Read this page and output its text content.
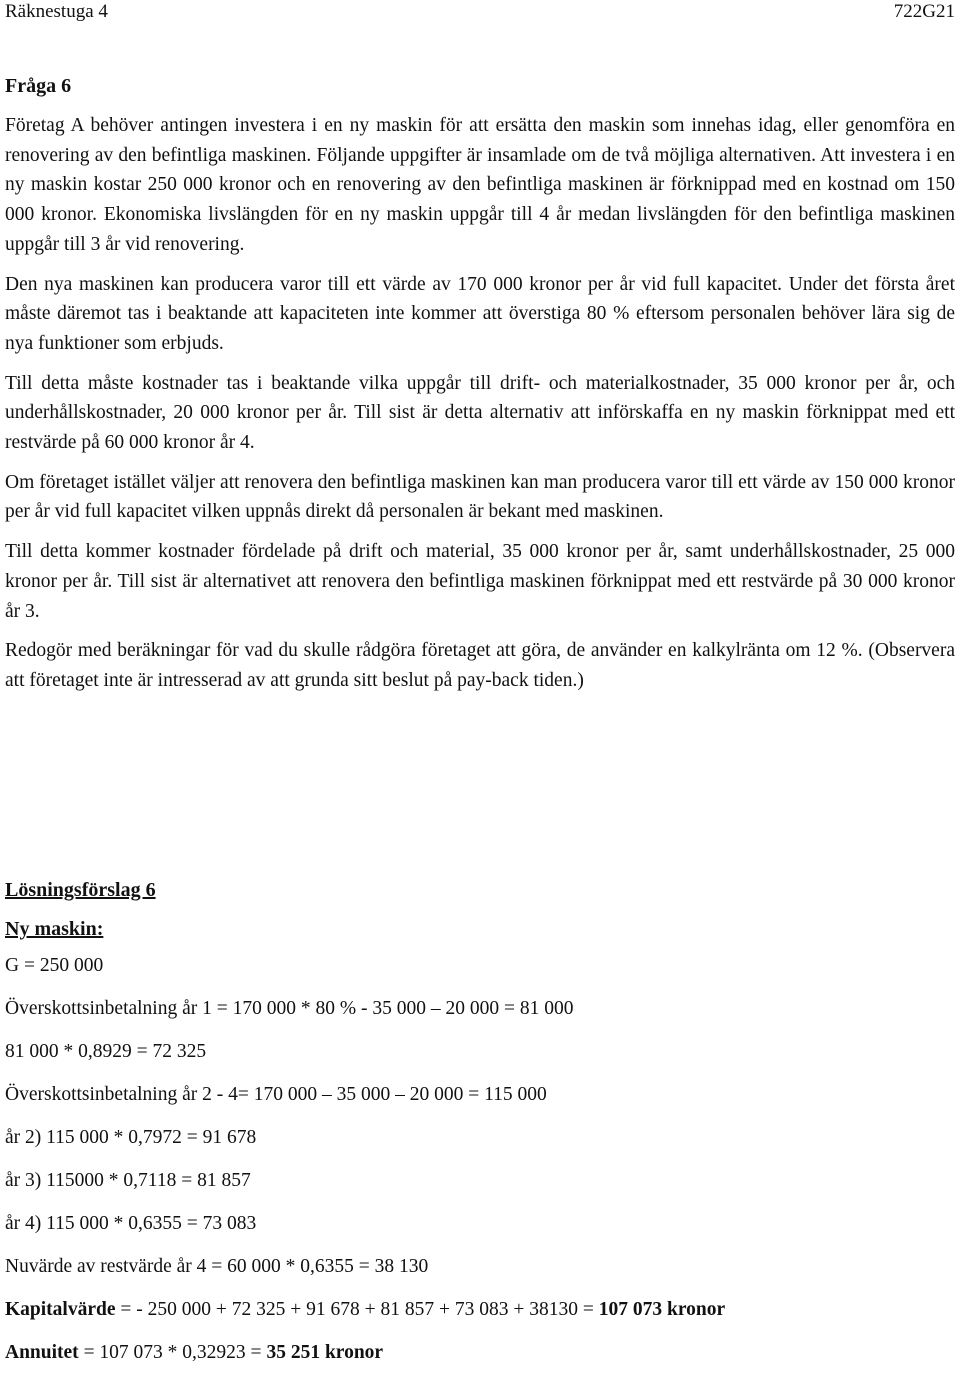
Räknestuga 4	722G21
Fråga 6

Företag A behöver antingen investera i en ny maskin för att ersätta den maskin som innehas idag, eller genomföra en renovering av den befintliga maskinen. Följande uppgifter är insamlade om de två möjliga alternativen. Att investera i en ny maskin kostar 250 000 kronor och en renovering av den befintliga maskinen är förknippad med en kostnad om 150 000 kronor. Ekonomiska livslängden för en ny maskin uppgår till 4 år medan livslängden för den befintliga maskinen uppgår till 3 år vid renovering.

Den nya maskinen kan producera varor till ett värde av 170 000 kronor per år vid full kapacitet. Under det första året måste däremot tas i beaktande att kapaciteten inte kommer att överstiga 80 % eftersom personalen behöver lära sig de nya funktioner som erbjuds.

Till detta måste kostnader tas i beaktande vilka uppgår till drift- och materialkostnader, 35 000 kronor per år, och underhållskostnader, 20 000 kronor per år. Till sist är detta alternativ att införskaffa en ny maskin förknippat med ett restvärde på 60 000 kronor år 4.

Om företaget istället väljer att renovera den befintliga maskinen kan man producera varor till ett värde av 150 000 kronor per år vid full kapacitet vilken uppnås direkt då personalen är bekant med maskinen.

Till detta kommer kostnader fördelade på drift och material, 35 000 kronor per år, samt underhållskostnader, 25 000 kronor per år. Till sist är alternativet att renovera den befintliga maskinen förknippat med ett restvärde på 30 000 kronor år 3.

Redogör med beräkningar för vad du skulle rådgöra företaget att göra, de använder en kalkylränta om 12 %. (Observera att företaget inte är intresserad av att grunda sitt beslut på pay-back tiden.)

Lösningsförslag 6

Ny maskin:

G = 250 000

Överskottsinbetalning år 1 = 170 000 * 80 % - 35 000 – 20 000 = 81 000

81 000 * 0,8929 = 72 325

Överskottsinbetalning år 2 - 4= 170 000 – 35 000 – 20 000 = 115 000

år 2) 115 000 * 0,7972 = 91 678

år 3) 115000 * 0,7118 = 81 857

år 4) 115 000 * 0,6355 = 73 083

Nuvärde av restvärde år 4 = 60 000 * 0,6355 = 38 130

Kapitalvärde = - 250 000 + 72 325 + 91 678 + 81 857 + 73 083 + 38130 = 107 073 kronor

Annuitet = 107 073 * 0,32923 = 35 251 kronor
